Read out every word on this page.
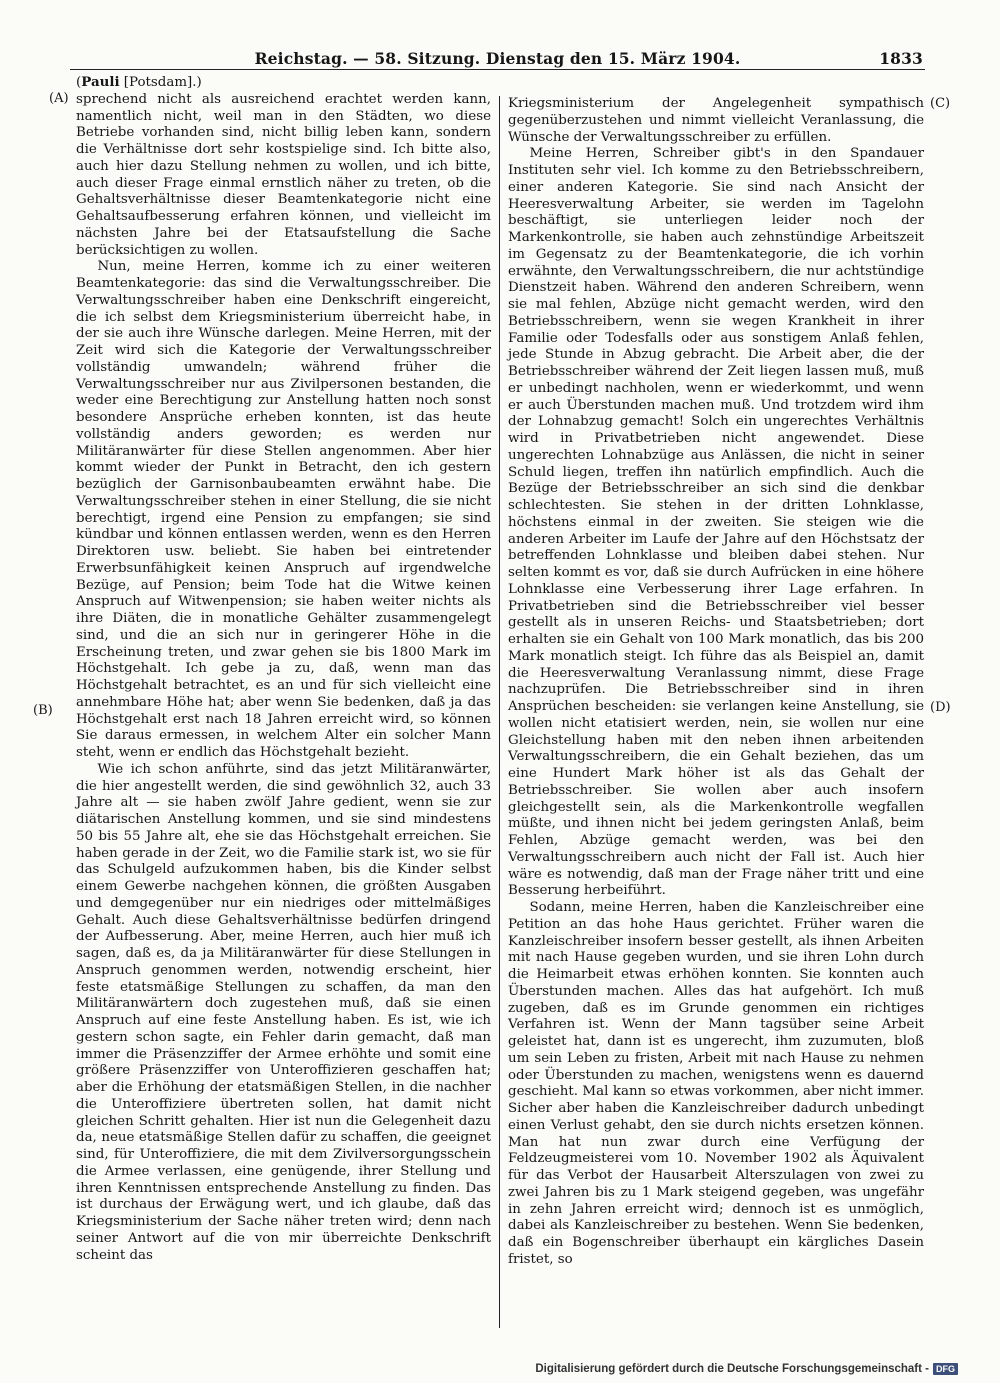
Reichstag. — 58. Sitzung. Dienstag den 15. März 1904.	1833
(A)
(B)
(C)
(D)

(Pauli [Potsdam].)

sprechend nicht als ausreichend erachtet werden kann, namentlich nicht, weil man in den Städten, wo diese Betriebe vorhanden sind, nicht billig leben kann, sondern die Verhältnisse dort sehr kostspielige sind. Ich bitte also, auch hier dazu Stellung nehmen zu wollen, und ich bitte, auch dieser Frage einmal ernstlich näher zu treten, ob die Gehaltsverhältnisse dieser Beamtenkategorie nicht eine Gehaltsaufbesserung erfahren können, und vielleicht im nächsten Jahre bei der Etatsaufstellung die Sache berücksichtigen zu wollen.

Nun, meine Herren, komme ich zu einer weiteren Beamtenkategorie: das sind die Verwaltungsschreiber. Die Verwaltungsschreiber haben eine Denkschrift eingereicht, die ich selbst dem Kriegsministerium überreicht habe, in der sie auch ihre Wünsche darlegen. Meine Herren, mit der Zeit wird sich die Kategorie der Verwaltungsschreiber vollständig umwandeln; während früher die Verwaltungsschreiber nur aus Zivilpersonen bestanden, die weder eine Berechtigung zur Anstellung hatten noch sonst besondere Ansprüche erheben konnten, ist das heute vollständig anders geworden; es werden nur Militäranwärter für diese Stellen angenommen. Aber hier kommt wieder der Punkt in Betracht, den ich gestern bezüglich der Garnisonbaubeamten erwähnt habe. Die Verwaltungsschreiber stehen in einer Stellung, die sie nicht berechtigt, irgend eine Pension zu empfangen; sie sind kündbar und können entlassen werden, wenn es den Herren Direktoren usw. beliebt. Sie haben bei eintretender Erwerbsunfähigkeit keinen Anspruch auf irgendwelche Bezüge, auf Pension; beim Tode hat die Witwe keinen Anspruch auf Witwenpension; sie haben weiter nichts als ihre Diäten, die in monatliche Gehälter zusammengelegt sind, und die an sich nur in geringerer Höhe in die Erscheinung treten, und zwar gehen sie bis 1800 Mark im Höchstgehalt. Ich gebe ja zu, daß, wenn man das Höchstgehalt betrachtet, es an und für sich vielleicht eine annehmbare Höhe hat; aber wenn Sie bedenken, daß ja das Höchstgehalt erst nach 18 Jahren erreicht wird, so können Sie daraus ermessen, in welchem Alter ein solcher Mann steht, wenn er endlich das Höchstgehalt bezieht.

Wie ich schon anführte, sind das jetzt Militäranwärter, die hier angestellt werden, die sind gewöhnlich 32, auch 33 Jahre alt — sie haben zwölf Jahre gedient, wenn sie zur diätarischen Anstellung kommen, und sie sind mindestens 50 bis 55 Jahre alt, ehe sie das Höchstgehalt erreichen. Sie haben gerade in der Zeit, wo die Familie stark ist, wo sie für das Schulgeld aufzukommen haben, bis die Kinder selbst einem Gewerbe nachgehen können, die größten Ausgaben und demgegenüber nur ein niedriges oder mittelmäßiges Gehalt. Auch diese Gehaltsverhältnisse bedürfen dringend der Aufbesserung. Aber, meine Herren, auch hier muß ich sagen, daß es, da ja Militäranwärter für diese Stellungen in Anspruch genommen werden, notwendig erscheint, hier feste etatsmäßige Stellungen zu schaffen, da man den Militäranwärtern doch zugestehen muß, daß sie einen Anspruch auf eine feste Anstellung haben. Es ist, wie ich gestern schon sagte, ein Fehler darin gemacht, daß man immer die Präsenzziffer der Armee erhöhte und somit eine größere Präsenzziffer von Unteroffizieren geschaffen hat; aber die Erhöhung der etatsmäßigen Stellen, in die nachher die Unteroffiziere übertreten sollen, hat damit nicht gleichen Schritt gehalten. Hier ist nun die Gelegenheit dazu da, neue etatsmäßige Stellen dafür zu schaffen, die geeignet sind, für Unteroffiziere, die mit dem Zivilversorgungsschein die Armee verlassen, eine genügende, ihrer Stellung und ihren Kenntnissen entsprechende Anstellung zu finden. Das ist durchaus der Erwägung wert, und ich glaube, daß das Kriegsministerium der Sache näher treten wird; denn nach seiner Antwort auf die von mir überreichte Denkschrift scheint das

Kriegsministerium der Angelegenheit sympathisch gegenüberzustehen und nimmt vielleicht Veranlassung, die Wünsche der Verwaltungsschreiber zu erfüllen.

Meine Herren, Schreiber gibt's in den Spandauer Instituten sehr viel. Ich komme zu den Betriebsschreibern, einer anderen Kategorie. Sie sind nach Ansicht der Heeresverwaltung Arbeiter, sie werden im Tagelohn beschäftigt, sie unterliegen leider noch der Markenkontrolle, sie haben auch zehnstündige Arbeitszeit im Gegensatz zu der Beamtenkategorie, die ich vorhin erwähnte, den Verwaltungsschreibern, die nur achtstündige Dienstzeit haben. Während den anderen Schreibern, wenn sie mal fehlen, Abzüge nicht gemacht werden, wird den Betriebsschreibern, wenn sie wegen Krankheit in ihrer Familie oder Todesfalls oder aus sonstigem Anlaß fehlen, jede Stunde in Abzug gebracht. Die Arbeit aber, die der Betriebsschreiber während der Zeit liegen lassen muß, muß er unbedingt nachholen, wenn er wiederkommt, und wenn er auch Überstunden machen muß. Und trotzdem wird ihm der Lohnabzug gemacht! Solch ein ungerechtes Verhältnis wird in Privatbetrieben nicht angewendet. Diese ungerechten Lohnabzüge aus Anlässen, die nicht in seiner Schuld liegen, treffen ihn natürlich empfindlich. Auch die Bezüge der Betriebsschreiber an sich sind die denkbar schlechtesten. Sie stehen in der dritten Lohnklasse, höchstens einmal in der zweiten. Sie steigen wie die anderen Arbeiter im Laufe der Jahre auf den Höchstsatz der betreffenden Lohnklasse und bleiben dabei stehen. Nur selten kommt es vor, daß sie durch Aufrücken in eine höhere Lohnklasse eine Verbesserung ihrer Lage erfahren. In Privatbetrieben sind die Betriebsschreiber viel besser gestellt als in unseren Reichs- und Staatsbetrieben; dort erhalten sie ein Gehalt von 100 Mark monatlich, das bis 200 Mark monatlich steigt. Ich führe das als Beispiel an, damit die Heeresverwaltung Veranlassung nimmt, diese Frage nachzuprüfen. Die Betriebsschreiber sind in ihren Ansprüchen bescheiden: sie verlangen keine Anstellung, sie wollen nicht etatisiert werden, nein, sie wollen nur eine Gleichstellung haben mit den neben ihnen arbeitenden Verwaltungsschreibern, die ein Gehalt beziehen, das um eine Hundert Mark höher ist als das Gehalt der Betriebsschreiber. Sie wollen aber auch insofern gleichgestellt sein, als die Markenkontrolle wegfallen müßte, und ihnen nicht bei jedem geringsten Anlaß, beim Fehlen, Abzüge gemacht werden, was bei den Verwaltungsschreibern auch nicht der Fall ist. Auch hier wäre es notwendig, daß man der Frage näher tritt und eine Besserung herbeiführt.

Sodann, meine Herren, haben die Kanzleischreiber eine Petition an das hohe Haus gerichtet. Früher waren die Kanzleischreiber insofern besser gestellt, als ihnen Arbeiten mit nach Hause gegeben wurden, und sie ihren Lohn durch die Heimarbeit etwas erhöhen konnten. Sie konnten auch Überstunden machen. Alles das hat aufgehört. Ich muß zugeben, daß es im Grunde genommen ein richtiges Verfahren ist. Wenn der Mann tagsüber seine Arbeit geleistet hat, dann ist es ungerecht, ihm zuzumuten, bloß um sein Leben zu fristen, Arbeit mit nach Hause zu nehmen oder Überstunden zu machen, wenigstens wenn es dauernd geschieht. Mal kann so etwas vorkommen, aber nicht immer. Sicher aber haben die Kanzleischreiber dadurch unbedingt einen Verlust gehabt, den sie durch nichts ersetzen können. Man hat nun zwar durch eine Verfügung der Feldzeugmeisterei vom 10. November 1902 als Äquivalent für das Verbot der Hausarbeit Alterszulagen von zwei zu zwei Jahren bis zu 1 Mark steigend gegeben, was ungefähr in zehn Jahren erreicht wird; dennoch ist es unmöglich, dabei als Kanzleischreiber zu bestehen. Wenn Sie bedenken, daß ein Bogenschreiber überhaupt ein kärgliches Dasein fristet, so

Digitalisierung gefördert durch die Deutsche Forschungsgemeinschaft - DFG
